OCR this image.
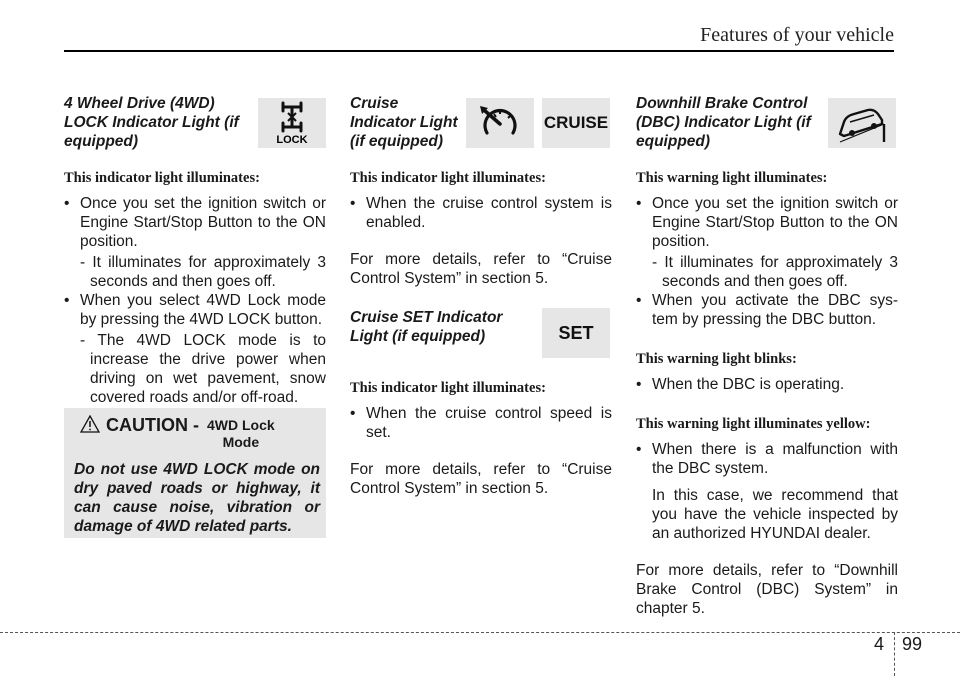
Features of your vehicle
4 Wheel Drive (4WD) LOCK Indicator Light (if equipped)	LOCK
This indicator light illuminates:
• Once you set the ignition switch or Engine Start/Stop Button to the ON position.
- It illuminates for approximately 3 seconds and then goes off.
• When you select 4WD Lock mode by pressing the 4WD LOCK button.
- The 4WD LOCK mode is to increase the drive power when driving on wet pavement, snow covered roads and/or off-road.
CAUTION - 4WD Lock
Mode
Do not use 4WD LOCK mode on dry paved roads or highway, it can cause noise, vibration or damage of 4WD related parts.
Cruise Indicator Light (if equipped)
CRUISE
This indicator light illuminates:
• When the cruise control system is enabled.
For more details, refer to “Cruise Control System” in section 5.
Cruise SET Indicator Light (if equipped)	SET
This indicator light illuminates:
• When the cruise control speed is set.
For more details, refer to “Cruise Control System” in section 5.
Downhill Brake Control (DBC) Indicator Light (if equipped)
This warning light illuminates:
• Once you set the ignition switch or Engine Start/Stop Button to the ON position.
- It illuminates for approximately 3 seconds and then goes off.
• When you activate the DBC sys-tem by pressing the DBC button.
This warning light blinks:
• When the DBC is operating.
This warning light illuminates yellow:
• When there is a malfunction with the DBC system.
In this case, we recommend that you have the vehicle inspected by an authorized HYUNDAI dealer.
For more details, refer to “Downhill Brake Control (DBC) System” in chapter 5.
4 99
